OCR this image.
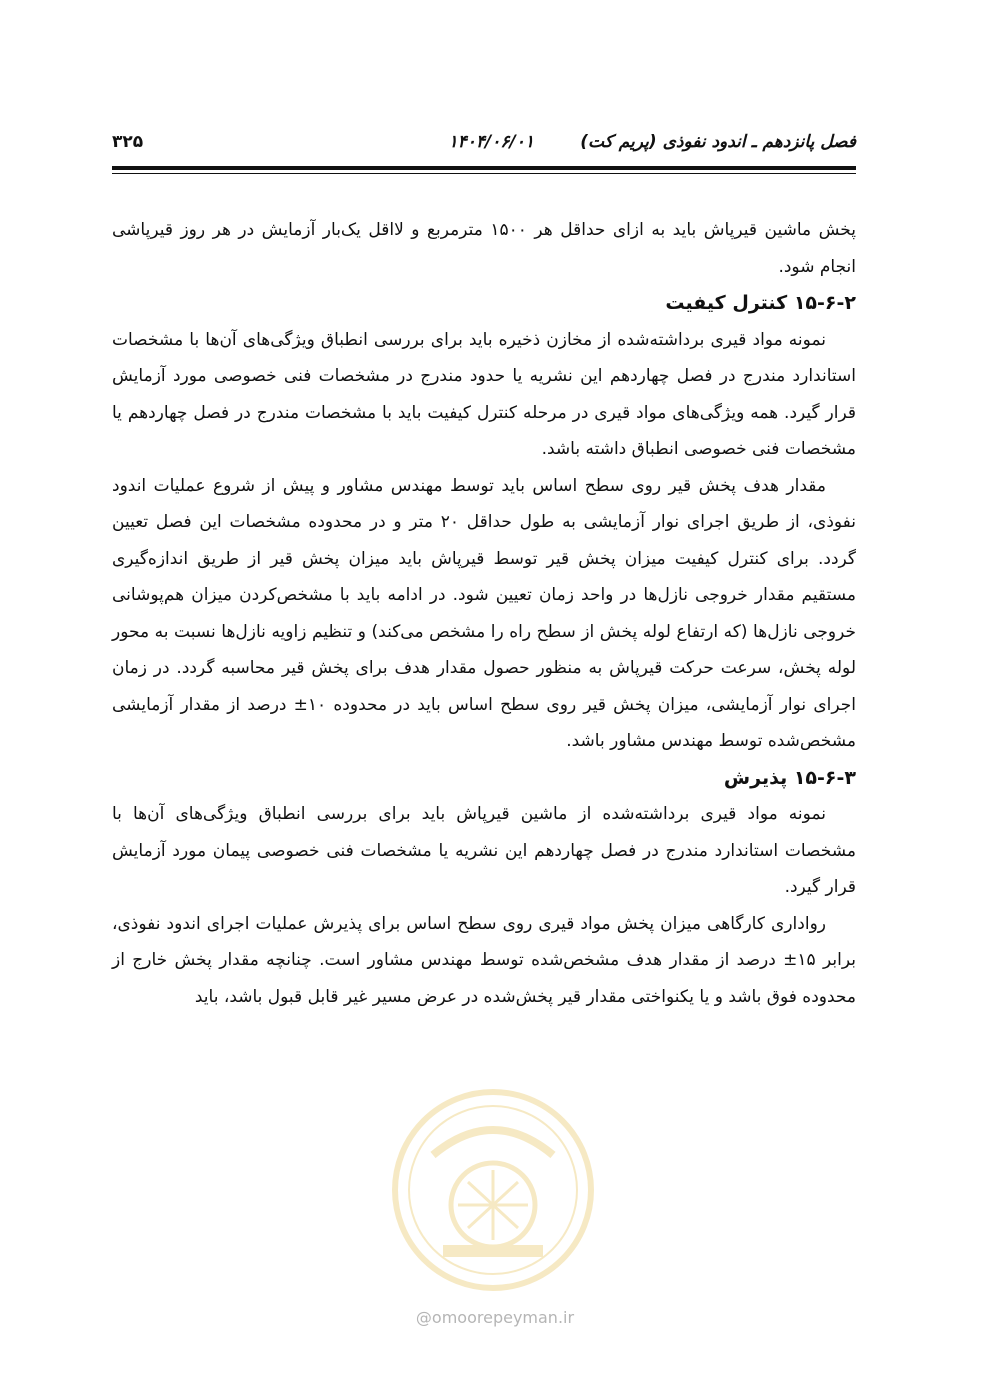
فصل پانزدهم ـ اندود نفوذی (پریم کت)
۱۴۰۴/۰۶/۰۱
۳۲۵

پخش ماشین قیرپاش باید به ازای حداقل هر ۱۵۰۰ مترمربع و لااقل یک‌بار آزمایش در هر روز قیرپاشی انجام شود.

۱۵-۶-۲ کنترل کیفیت

نمونه مواد قیری برداشته‌شده از مخازن ذخیره باید برای بررسی انطباق ویژگی‌های آن‌ها با مشخصات استاندارد مندرج در فصل چهاردهم این نشریه یا حدود مندرج در مشخصات فنی خصوصی مورد آزمایش قرار گیرد. همه ویژگی‌های مواد قیری در مرحله کنترل کیفیت باید با مشخصات مندرج در فصل چهاردهم یا مشخصات فنی خصوصی انطباق داشته باشد.

مقدار هدف پخش قیر روی سطح اساس باید توسط مهندس مشاور و پیش از شروع عملیات اندود نفوذی، از طریق اجرای نوار آزمایشی به طول حداقل ۲۰ متر و در محدوده مشخصات این فصل تعیین گردد. برای کنترل کیفیت میزان پخش قیر توسط قیرپاش باید میزان پخش قیر از طریق اندازه‌گیری مستقیم مقدار خروجی نازل‌ها در واحد زمان تعیین شود. در ادامه باید با مشخص‌کردن میزان هم‌پوشانی خروجی نازل‌ها (که ارتفاع لوله پخش از سطح راه را مشخص می‌کند) و تنظیم زاویه نازل‌ها نسبت به محور لوله پخش، سرعت حرکت قیرپاش به منظور حصول مقدار هدف برای پخش قیر محاسبه گردد. در زمان اجرای نوار آزمایشی، میزان پخش قیر روی سطح اساس باید در محدوده ۱۰± درصد از مقدار آزمایشی مشخص‌شده توسط مهندس مشاور باشد.

۱۵-۶-۳ پذیرش

نمونه مواد قیری برداشته‌شده از ماشین قیرپاش باید برای بررسی انطباق ویژگی‌های آن‌ها با مشخصات استاندارد مندرج در فصل چهاردهم این نشریه یا مشخصات فنی خصوصی پیمان مورد آزمایش قرار گیرد.

رواداری کارگاهی میزان پخش مواد قیری روی سطح اساس برای پذیرش عملیات اجرای اندود نفوذی، برابر ۱۵± درصد از مقدار هدف مشخص‌شده توسط مهندس مشاور است. چنانچه مقدار پخش خارج از محدوده فوق باشد و یا یکنواختی مقدار قیر پخش‌شده در عرض مسیر غیر قابل قبول باشد، باید

@omoorepeyman.ir
